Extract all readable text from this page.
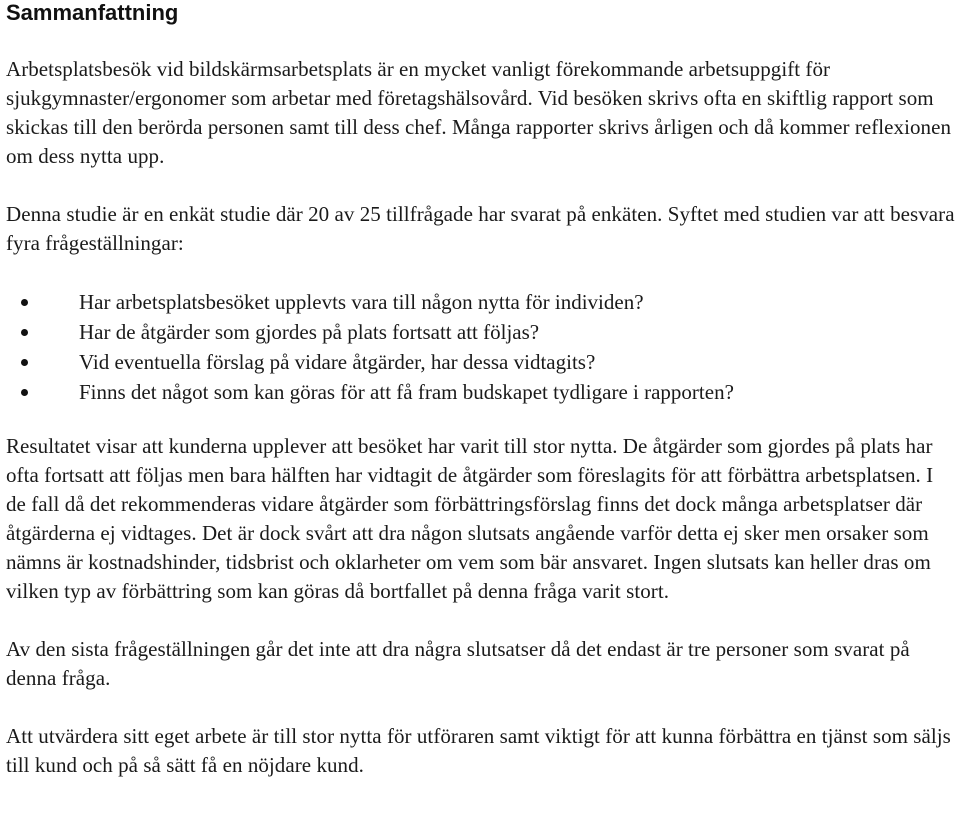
Sammanfattning

Arbetsplatsbesök vid bildskärmsarbetsplats är en mycket vanligt förekommande arbetsuppgift för sjukgymnaster/ergonomer som arbetar med företagshälsovård. Vid besöken skrivs ofta en skiftlig rapport som skickas till den berörda personen samt till dess chef. Många rapporter skrivs årligen och då kommer reflexionen om dess nytta upp.

Denna studie är en enkät studie där 20 av 25 tillfrågade har svarat på enkäten. Syftet med studien var att besvara fyra frågeställningar:

Har arbetsplatsbesöket upplevts vara till någon nytta för individen?
Har de åtgärder som gjordes på plats fortsatt att följas?
Vid eventuella förslag på vidare åtgärder, har dessa vidtagits?
Finns det något som kan göras för att få fram budskapet tydligare i rapporten?

Resultatet visar att kunderna upplever att besöket har varit till stor nytta. De åtgärder som gjordes på plats har ofta fortsatt att följas men bara hälften har vidtagit de åtgärder som föreslagits för att förbättra arbetsplatsen. I de fall då det rekommenderas vidare åtgärder som förbättringsförslag finns det dock många arbetsplatser där åtgärderna ej vidtages. Det är dock svårt att dra någon slutsats angående varför detta ej sker men orsaker som nämns är kostnadshinder, tidsbrist och oklarheter om vem som bär ansvaret. Ingen slutsats kan heller dras om vilken typ av förbättring som kan göras då bortfallet på denna fråga varit stort.

Av den sista frågeställningen går det inte att dra några slutsatser då det endast är tre personer som svarat på denna fråga.

Att utvärdera sitt eget arbete är till stor nytta för utföraren samt viktigt för att kunna förbättra en tjänst som säljs till kund och på så sätt få en nöjdare kund.
